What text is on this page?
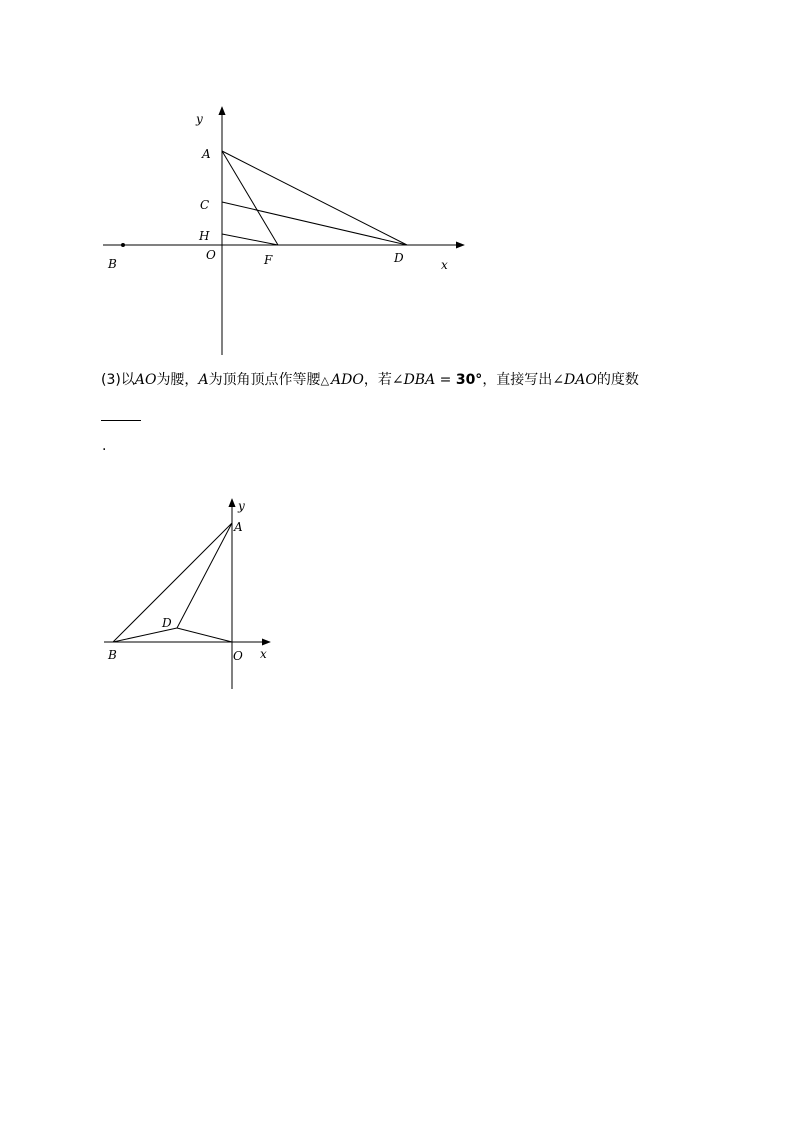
y
A
C
H
O
B	F	D	x
(3)以AO为腰，A为顶角顶点作等腰△ ADO，若∠DBA = 30°，直接写出∠DAO的度数
.
y
A
D
B	O x
